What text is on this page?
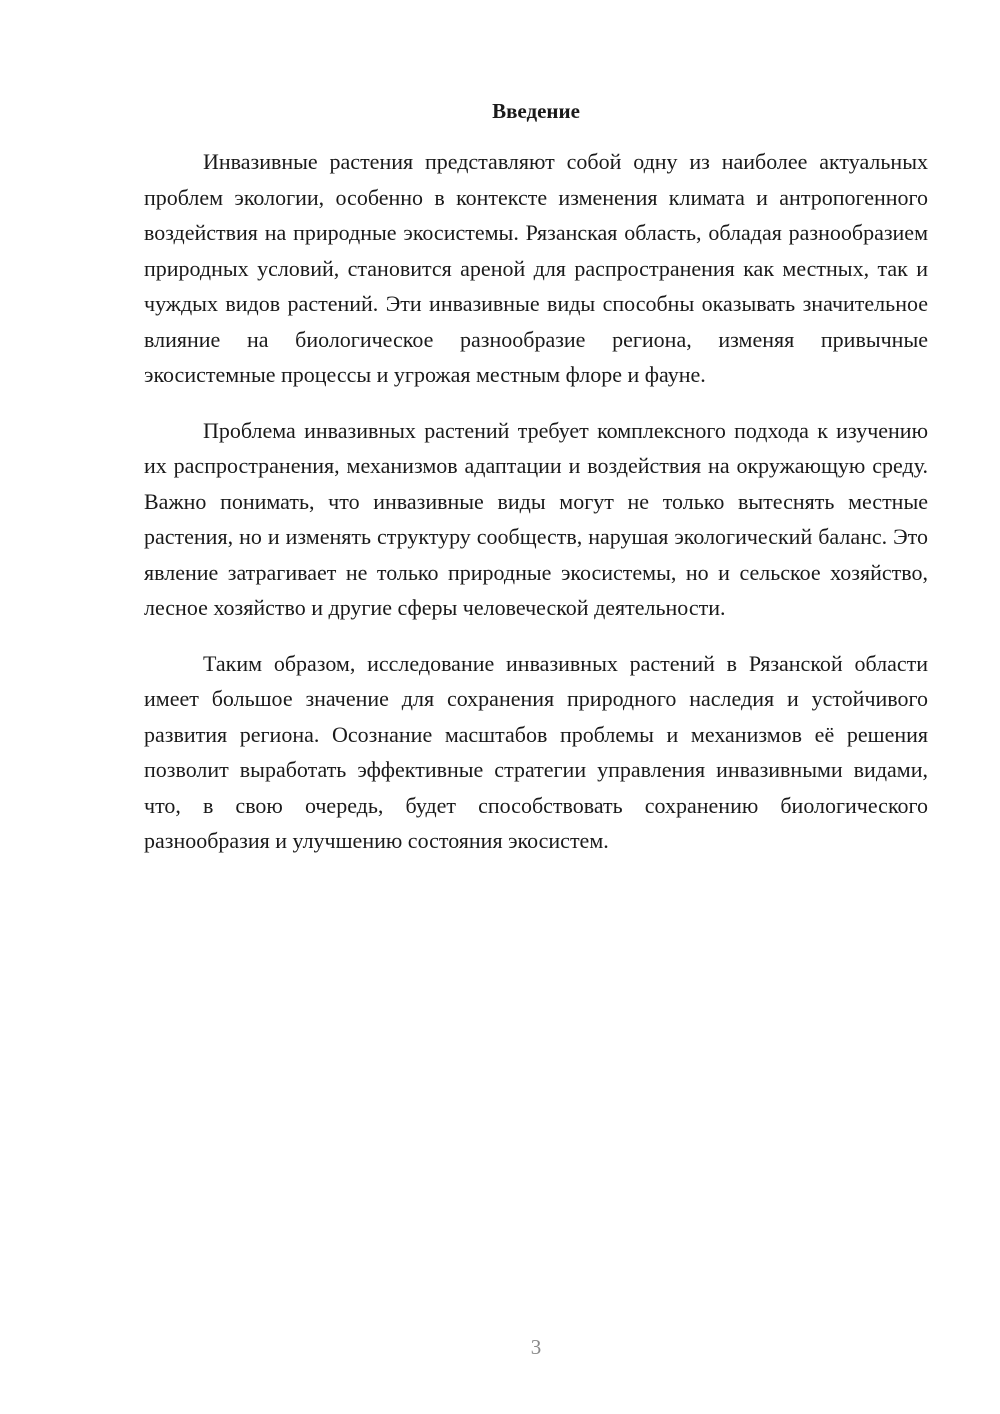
Введение

Инвазивные растения представляют собой одну из наиболее актуальных проблем экологии, особенно в контексте изменения климата и антропогенного воздействия на природные экосистемы. Рязанская область, обладая разнообразием природных условий, становится ареной для распространения как местных, так и чуждых видов растений. Эти инвазивные виды способны оказывать значительное влияние на биологическое разнообразие региона, изменяя привычные экосистемные процессы и угрожая местным флоре и фауне.

Проблема инвазивных растений требует комплексного подхода к изучению их распространения, механизмов адаптации и воздействия на окружающую среду. Важно понимать, что инвазивные виды могут не только вытеснять местные растения, но и изменять структуру сообществ, нарушая экологический баланс. Это явление затрагивает не только природные экосистемы, но и сельское хозяйство, лесное хозяйство и другие сферы человеческой деятельности.

Таким образом, исследование инвазивных растений в Рязанской области имеет большое значение для сохранения природного наследия и устойчивого развития региона. Осознание масштабов проблемы и механизмов её решения позволит выработать эффективные стратегии управления инвазивными видами, что, в свою очередь, будет способствовать сохранению биологического разнообразия и улучшению состояния экосистем.

3
